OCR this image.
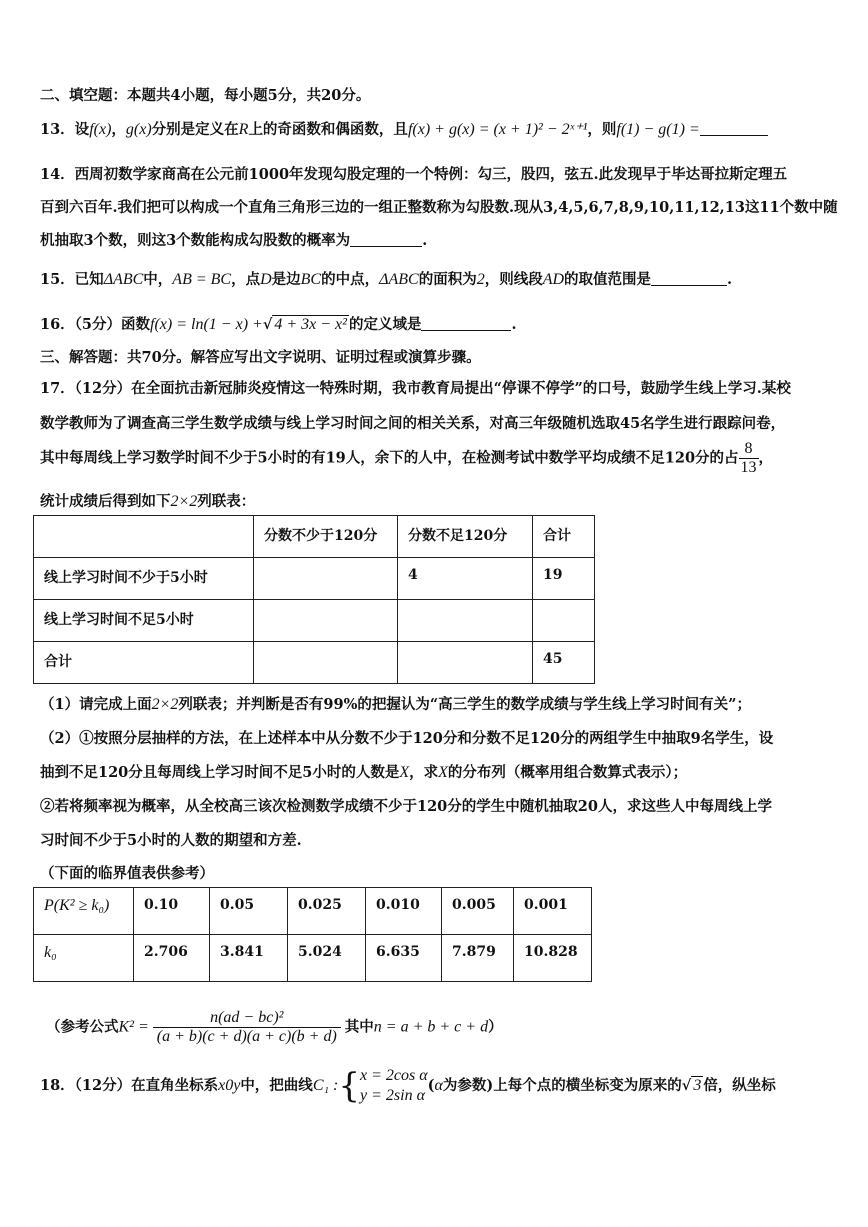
二、填空题：本题共4小题，每小题5分，共20分。
13．设f(x)，g(x)分别是定义在R上的奇函数和偶函数，且f(x) + g(x) = (x + 1)² − 2ˣ⁺¹，则f(1) − g(1) =
14．西周初数学家商高在公元前1000年发现勾股定理的一个特例：勾三，股四，弦五.此发现早于毕达哥拉斯定理五
百到六百年.我们把可以构成一个直角三角形三边的一组正整数称为勾股数.现从3,4,5,6,7,8,9,10,11,12,13这11个数中随
机抽取3个数，则这3个数能构成勾股数的概率为	.
15．已知ΔABC中，AB = BC，点D是边BC的中点，ΔABC的面积为2，则线段AD的取值范围是	.
16．（5分）函数f(x) = ln(1 − x) +√ 4 + 3x − x² 的定义域是	.
三、解答题：共70分。解答应写出文字说明、证明过程或演算步骤。
17．（12分）在全面抗击新冠肺炎疫情这一特殊时期，我市教育局提出“停课不停学”的口号，鼓励学生线上学习.某校
数学教师为了调查高三学生数学成绩与线上学习时间之间的相关关系，对高三年级随机选取45名学生进行跟踪问卷，
其中每周线上学习数学时间不少于5小时的有19人，余下的人中，在检测考试中数学平均成绩不足120分的占 $\frac{8}{13}$ ，
统计成绩后得到如下2×2列联表：
	分数不少于120分	分数不足120分	合计
线上学习时间不少于5小时		4	19
线上学习时间不足5小时			
合计			45
（1）请完成上面2×2列联表；并判断是否有99%的把握认为“高三学生的数学成绩与学生线上学习时间有关”；
（2）①按照分层抽样的方法，在上述样本中从分数不少于120分和分数不足120分的两组学生中抽取9名学生，设
抽到不足120分且每周线上学习时间不足5小时的人数是X，求X的分布列（概率用组合数算式表示）；
②若将频率视为概率，从全校高三该次检测数学成绩不少于120分的学生中随机抽取20人，求这些人中每周线上学
习时间不少于5小时的人数的期望和方差.
（下面的临界值表供参考）
P(K² ≥ k₀)	0.10	0.05	0.025	0.010	0.005	0.001
k₀	2.706	3.841	5.024	6.635	7.879	10.828
（参考公式$K^2 = \frac{\text{n(ad − bc)²}}{(a + b)(c + d)(a + c)(b + d)}$ 其中n = a + b + c + d）
18．（12分）在直角坐标系x0y中，把曲线C₁ :{ x = 2cos α
y = 2sin α
(α为参数)上每个点的横坐标变为原来的√ 3 倍，纵坐标
